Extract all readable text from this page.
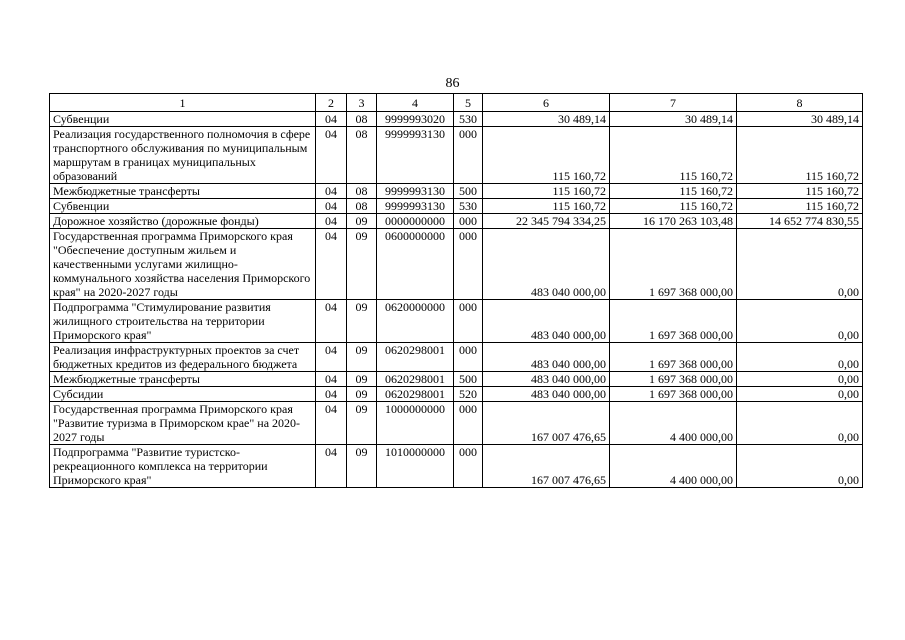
86
1	2	3	4	5	6	7	8
Субвенции	04	08	9999993020	530	30 489,14	30 489,14	30 489,14
Реализация государственного полномочия в сфере транспортного обслуживания по муниципальным маршрутам в границах муниципальных образований	04	08	9999993130	000	115 160,72	115 160,72	115 160,72
Межбюджетные трансферты	04	08	9999993130	500	115 160,72	115 160,72	115 160,72
Субвенции	04	08	9999993130	530	115 160,72	115 160,72	115 160,72
Дорожное хозяйство (дорожные фонды)	04	09	0000000000	000	22 345 794 334,25	16 170 263 103,48	14 652 774 830,55
Государственная программа Приморского края "Обеспечение доступным жильем и качественными услугами жилищно-коммунального хозяйства населения Приморского края" на 2020-2027 годы	04	09	0600000000	000	483 040 000,00	1 697 368 000,00	0,00
Подпрограмма "Стимулирование развития жилищного строительства на территории Приморского края"	04	09	0620000000	000	483 040 000,00	1 697 368 000,00	0,00
Реализация инфраструктурных проектов за счет бюджетных кредитов из федерального бюджета	04	09	0620298001	000	483 040 000,00	1 697 368 000,00	0,00
Межбюджетные трансферты	04	09	0620298001	500	483 040 000,00	1 697 368 000,00	0,00
Субсидии	04	09	0620298001	520	483 040 000,00	1 697 368 000,00	0,00
Государственная программа Приморского края "Развитие туризма в Приморском крае" на 2020-2027 годы	04	09	1000000000	000	167 007 476,65	4 400 000,00	0,00
Подпрограмма "Развитие туристско-рекреационного комплекса на территории Приморского края"	04	09	1010000000	000	167 007 476,65	4 400 000,00	0,00
